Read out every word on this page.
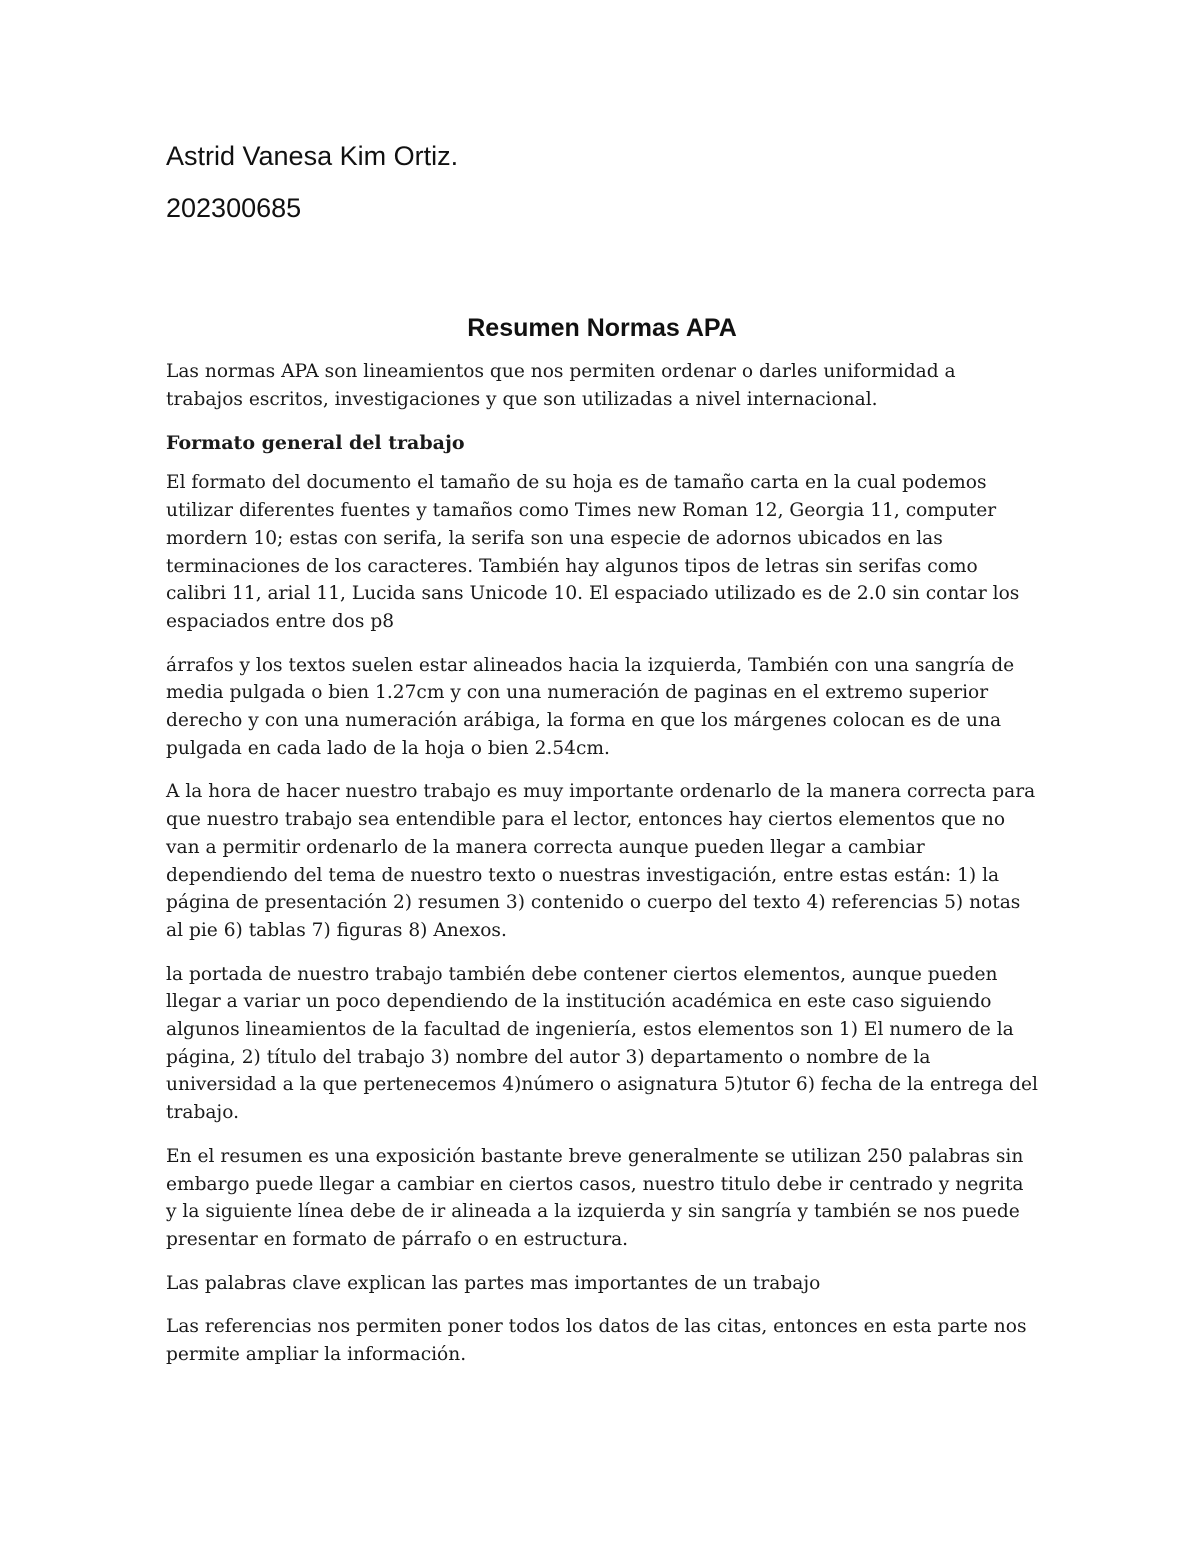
Astrid Vanesa Kim Ortiz.

202300685

Resumen Normas APA

Las normas APA son lineamientos que nos permiten ordenar o darles uniformidad a trabajos escritos, investigaciones y que son utilizadas a nivel internacional.

Formato general del trabajo

El formato del documento el tamaño de su hoja es de tamaño carta en la cual podemos utilizar diferentes fuentes y tamaños como Times new Roman 12, Georgia 11, computer mordern 10; estas con serifa, la serifa son una especie de adornos ubicados en las terminaciones de los caracteres. También hay algunos tipos de letras sin serifas como calibri 11, arial 11, Lucida sans Unicode 10. El espaciado utilizado es de 2.0 sin contar los espaciados entre dos p8

árrafos y los textos suelen estar alineados hacia la izquierda, También con una sangría de media pulgada o bien 1.27cm y con una numeración de paginas en el extremo superior derecho y con una numeración arábiga, la forma en que los márgenes colocan es de una pulgada en cada lado de la hoja o bien 2.54cm.

A la hora de hacer nuestro trabajo es muy importante ordenarlo de la manera correcta para que nuestro trabajo sea entendible para el lector, entonces hay ciertos elementos que no van a permitir ordenarlo de la manera correcta aunque pueden llegar a cambiar dependiendo del tema de nuestro texto o nuestras investigación, entre estas están: 1) la página de presentación 2) resumen 3) contenido o cuerpo del texto 4) referencias 5) notas al pie 6) tablas 7) figuras 8) Anexos.

la portada de nuestro trabajo también debe contener ciertos elementos, aunque pueden llegar a variar un poco dependiendo de la institución académica en este caso siguiendo algunos lineamientos de la facultad de ingeniería, estos elementos son 1) El numero de la página, 2) título del trabajo 3) nombre del autor 3) departamento o nombre de la universidad a la que pertenecemos 4)número o asignatura 5)tutor 6) fecha de la entrega del trabajo.

En el resumen es una exposición bastante breve generalmente se utilizan 250 palabras sin embargo puede llegar a cambiar en ciertos casos, nuestro titulo debe ir centrado y negrita y la siguiente línea debe de ir alineada a la izquierda y sin sangría y también se nos puede presentar en formato de párrafo o en estructura.

Las palabras clave explican las partes mas importantes de un trabajo

Las referencias nos permiten poner todos los datos de las citas, entonces en esta parte nos permite ampliar la información.
